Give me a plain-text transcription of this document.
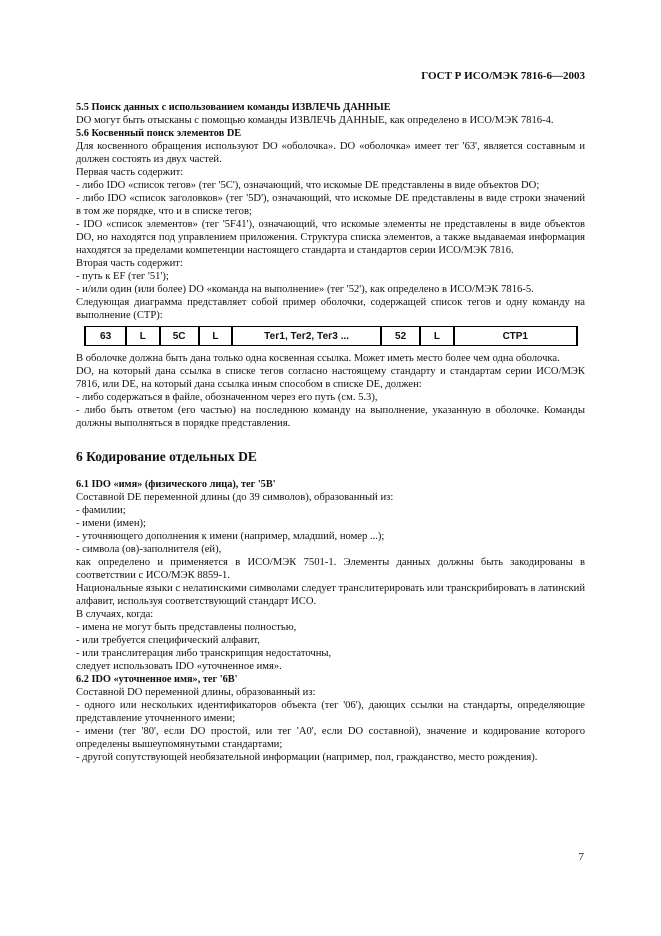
ГОСТ Р ИСО/МЭК 7816-6—2003

5.5 Поиск данных с использованием команды ИЗВЛЕЧЬ ДАННЫЕ

DO могут быть отысканы с помощью команды ИЗВЛЕЧЬ ДАННЫЕ, как определено в ИСО/МЭК 7816-4.

5.6 Косвенный поиск элементов DE

Для косвенного обращения используют DO «оболочка». DO «оболочка» имеет тег '63', является составным и должен состоять из двух частей.

Первая часть содержит:

- либо IDO «список тегов» (тег '5C'), означающий, что искомые DE представлены в виде объектов DO;

- либо IDO «список заголовков» (тег '5D'), означающий, что искомые DE представлены в виде строки значений в том же порядке, что и в списке тегов;

- IDO «список элементов» (тег '5F41'), означающий, что искомые элементы не представлены в виде объектов DO, но находятся под управлением приложения. Структура списка элементов, а также выдаваемая информация находятся за пределами компетенции настоящего стандарта и стандартов серии ИСО/МЭК 7816.

Вторая часть содержит:

- путь к EF (тег '51');

- и/или один (или более) DO «команда на выполнение» (тег '52'), как определено в ИСО/МЭК 7816-5.

Следующая диаграмма представляет собой пример оболочки, содержащей список тегов и одну команду на выполнение (СТР):

63	L	5C	L	Тег1, Тег2, Тег3 ...	52	L	СТР1

В оболочке должна быть дана только одна косвенная ссылка. Может иметь место более чем одна оболочка.

DO, на который дана ссылка в списке тегов согласно настоящему стандарту и стандартам серии ИСО/МЭК 7816, или DE, на который дана ссылка иным способом в списке DE, должен:

- либо содержаться в файле, обозначенном через его путь (см. 5.3),

- либо быть ответом (его частью) на последнюю команду на выполнение, указанную в оболочке. Команды должны выполняться в порядке представления.

6 Кодирование отдельных DE

6.1 IDO «имя» (физического лица), тег '5B'

Составной DE переменной длины (до 39 символов), образованный из:

- фамилии;

- имени (имен);

- уточняющего дополнения к имени (например, младший, номер ...);

- символа (ов)-заполнителя (ей),

как определено и применяется в ИСО/МЭК 7501-1. Элементы данных должны быть закодированы в соответствии с ИСО/МЭК 8859-1.

Национальные языки с нелатинскими символами следует транслитерировать или транскрибировать в латинский алфавит, используя соответствующий стандарт ИСО.

В случаях, когда:

- имена не могут быть представлены полностью,

- или требуется специфический алфавит,

- или транслитерация либо транскрипция недостаточны,

следует использовать IDO «уточненное имя».

6.2 IDO «уточненное имя», тег '6B'

Составной DO переменной длины, образованный из:

- одного или нескольких идентификаторов объекта (тег '06'), дающих ссылки на стандарты, определяющие представление уточненного имени;

- имени (тег '80', если DO простой, или тег 'A0', если DO составной), значение и кодирование которого определены вышеупомянутыми стандартами;

- другой сопутствующей необязательной информации (например, пол, гражданство, место рождения).

7
